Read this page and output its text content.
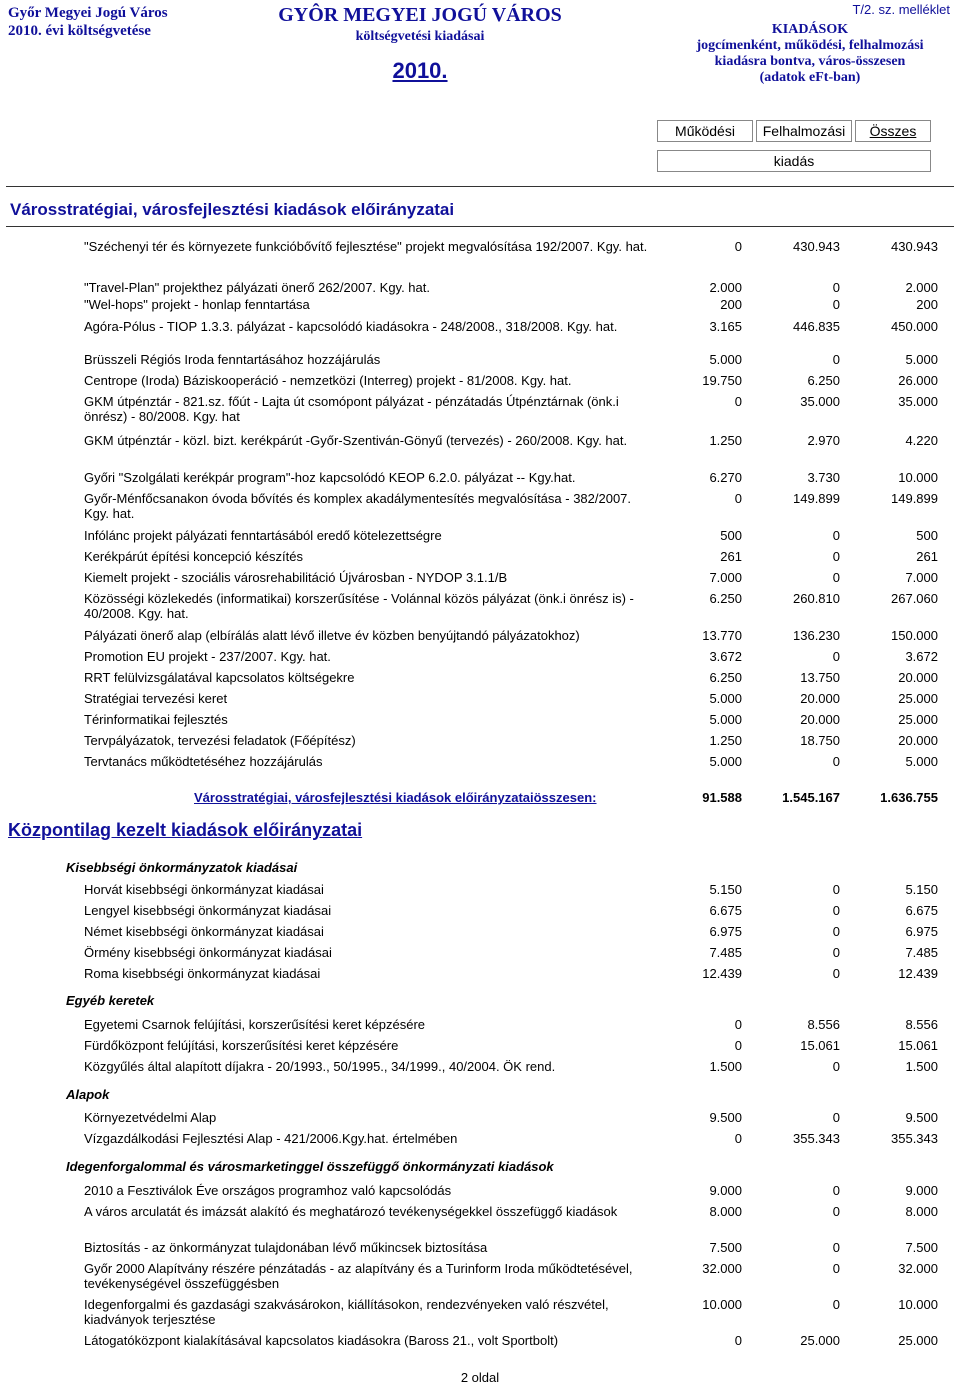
Győr Megyei Jogú Város
2010. évi költségvetése
GYÔR MEGYEI JOGÚ VÁROS
költségvetési kiadásai
2010.
T/2. sz. melléklet
KIADÁSOK
jogcímenként, működési, felhalmozási
kiadásra bontva, város-összesen
(adatok eFt-ban)
Működési	Felhalmozási	Összes
kiadás
Városstratégiai, városfejlesztési kiadások előirányzatai
"Széchenyi tér és környezete funkcióbővítő fejlesztése" projekt megvalósítása 192/2007. Kgy. hat.	0	430.943	430.943
"Travel-Plan" projekthez pályázati önerő 262/2007. Kgy. hat.	2.000	0	2.000
"Wel-hops" projekt - honlap fenntartása	200	0	200
Agóra-Pólus - TIOP 1.3.3. pályázat - kapcsolódó kiadásokra - 248/2008., 318/2008. Kgy. hat.	3.165	446.835	450.000
Brüsszeli Régiós Iroda fenntartásához hozzájárulás	5.000	0	5.000
Centrope (Iroda) Báziskooperáció - nemzetközi (Interreg) projekt - 81/2008. Kgy. hat.	19.750	6.250	26.000
GKM útpénztár - 821.sz. főút - Lajta út csomópont pályázat - pénzátadás Útpénztárnak (önk.i önrész) - 80/2008. Kgy. hat
0	35.000	35.000
GKM útpénztár - közl. bizt. kerékpárút -Győr-Szentiván-Gönyű (tervezés) - 260/2008. Kgy. hat.	1.250	2.970	4.220
Győri "Szolgálati kerékpár program"-hoz kapcsolódó KEOP 6.2.0. pályázat -- Kgy.hat.	6.270	3.730	10.000
Győr-Ménfőcsanakon óvoda bővítés és komplex akadálymentesítés megvalósítása - 382/2007. Kgy. hat.
0	149.899	149.899
Infólánc projekt pályázati fenntartásából eredő kötelezettségre	500	0	500
Kerékpárút építési koncepció készítés	261	0	261
Kiemelt projekt - szociális városrehabilitáció Újvárosban - NYDOP 3.1.1/B	7.000	0	7.000
Közösségi közlekedés (informatikai) korszerűsítése - Volánnal közös pályázat (önk.i önrész is) - 40/2008. Kgy. hat.
6.250	260.810	267.060
Pályázati önerő alap (elbírálás alatt lévő illetve év közben benyújtandó pályázatokhoz)	13.770	136.230	150.000
Promotion EU projekt - 237/2007. Kgy. hat.	3.672	0	3.672
RRT felülvizsgálatával kapcsolatos költségekre	6.250	13.750	20.000
Stratégiai tervezési keret	5.000	20.000	25.000
Térinformatikai fejlesztés	5.000	20.000	25.000
Tervpályázatok, tervezési feladatok (Főépítész)	1.250	18.750	20.000
Tervtanács működtetéséhez hozzájárulás	5.000	0	5.000
Városstratégiai, városfejlesztési kiadások előirányzataiösszesen:	91.588	1.545.167	1.636.755
Központilag kezelt kiadások előirányzatai
Kisebbségi önkormányzatok kiadásai
Horvát kisebbségi önkormányzat kiadásai	5.150	0	5.150
Lengyel kisebbségi önkormányzat kiadásai	6.675	0	6.675
Német kisebbségi önkormányzat kiadásai	6.975	0	6.975
Örmény kisebbségi önkormányzat kiadásai	7.485	0	7.485
Roma kisebbségi önkormányzat kiadásai	12.439	0	12.439
Egyéb keretek
Egyetemi Csarnok felújítási, korszerűsítési keret képzésére	0	8.556	8.556
Fürdőközpont felújítási, korszerűsítési keret képzésére	0	15.061	15.061
Közgyűlés által alapított díjakra - 20/1993., 50/1995., 34/1999., 40/2004. ÖK rend.	1.500	0	1.500
Alapok
Környezetvédelmi Alap	9.500	0	9.500
Vízgazdálkodási Fejlesztési Alap - 421/2006.Kgy.hat. értelmében	0	355.343	355.343
Idegenforgalommal és városmarketinggel összefüggő önkormányzati kiadások
2010 a Fesztiválok Éve országos programhoz való kapcsolódás	9.000	0	9.000
A város arculatát és imázsát alakító és meghatározó tevékenységekkel összefüggő kiadások	8.000	0	8.000
Biztosítás - az önkormányzat tulajdonában lévő műkincsek biztosítása	7.500	0	7.500
Győr 2000 Alapítvány részére pénzátadás - az alapítvány és a Turinform Iroda működtetésével, tevékenységével összefüggésben
32.000	0	32.000
Idegenforgalmi és gazdasági szakvásárokon, kiállításokon, rendezvényeken való részvétel, kiadványok terjesztése
10.000	0	10.000
Látogatóközpont kialakításával kapcsolatos kiadásokra (Baross 21., volt Sportbolt)	0	25.000	25.000
2 oldal
